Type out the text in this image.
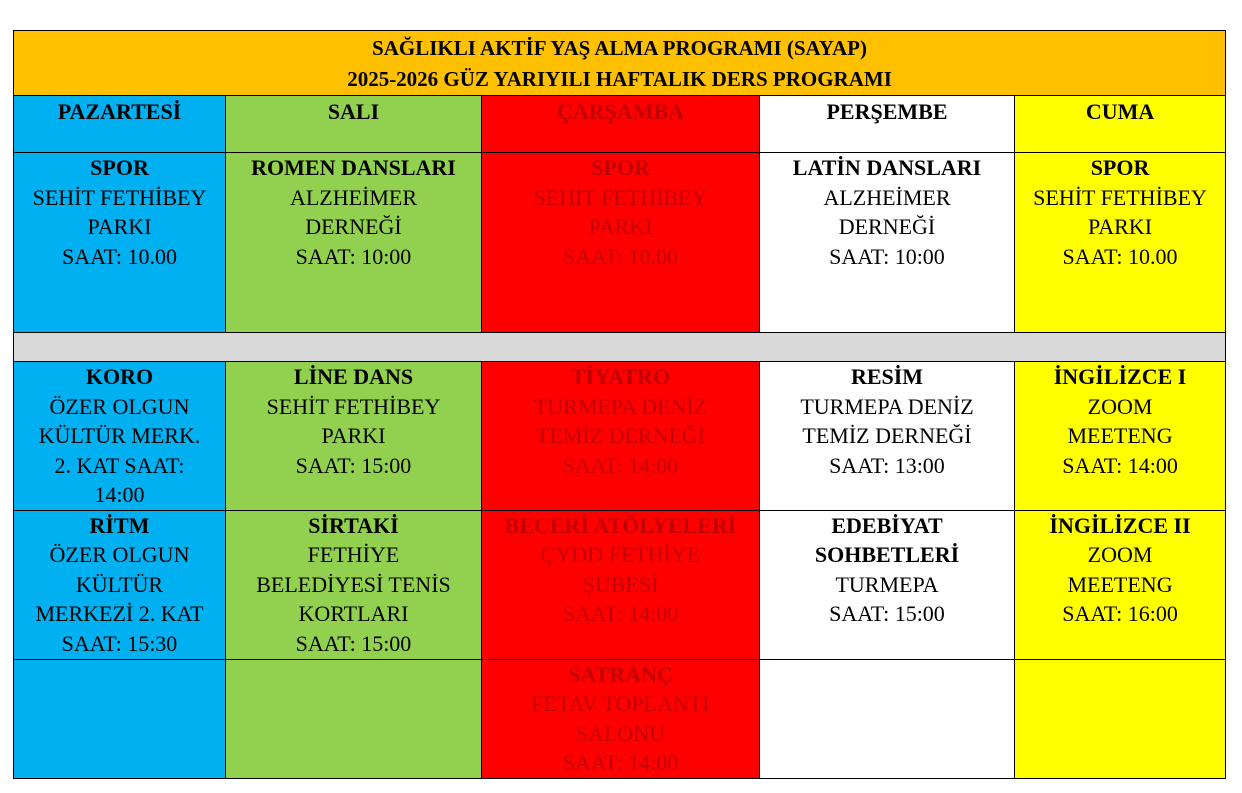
SAĞLIKLI AKTİF YAŞ ALMA PROGRAMI (SAYAP)
2025-2026 GÜZ YARIYILI HAFTALIK DERS PROGRAMI				

PAZARTESİ	SALI	ÇARŞAMBA	PERŞEMBE	CUMA

SPOR
SEHİT FETHİBEY
PARKI
SAAT: 10.00	ROMEN DANSLARI
ALZHEİMER
DERNEĞİ
SAAT: 10:00	SPOR
SEHİT FETHİBEY
PARKI
SAAT: 10.00	LATİN DANSLARI
ALZHEİMER
DERNEĞİ
SAAT: 10:00	SPOR
SEHİT FETHİBEY
PARKI
SAAT: 10.00

KORO
ÖZER OLGUN
KÜLTÜR MERK.
2. KAT SAAT:
14:00	LİNE DANS
SEHİT FETHİBEY
PARKI
SAAT: 15:00	TİYATRO
TURMEPA DENİZ
TEMİZ DERNEĞİ
SAAT: 14:00	RESİM
TURMEPA DENİZ
TEMİZ DERNEĞİ
SAAT: 13:00	İNGİLİZCE I
ZOOM
MEETENG
SAAT: 14:00

RİTM
ÖZER OLGUN
KÜLTÜR
MERKEZİ 2. KAT
SAAT: 15:30	SİRTAKİ
FETHİYE
BELEDİYESİ TENİS
KORTLARI
SAAT: 15:00	BECERİ ATÖLYELERİ
ÇYDD FETHİYE
ŞUBESİ
SAAT: 14:00	EDEBİYAT
SOHBETLERİ
TURMEPA
SAAT: 15:00	İNGİLİZCE II
ZOOM
MEETENG
SAAT: 16:00

		SATRANÇ
FETAV TOPLANTI
SALONU
SAAT: 14:00		
